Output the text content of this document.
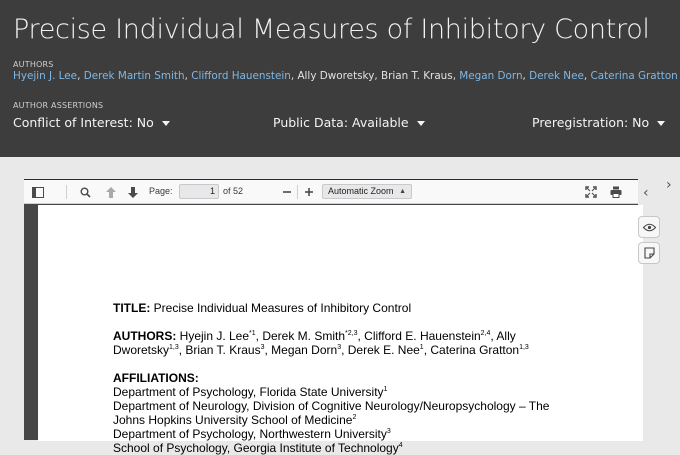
Precise Individual Measures of Inhibitory Control
AUTHORS
Hyejin J. Lee, Derek Martin Smith, Clifford Hauenstein, Ally Dworetsky, Brian T. Kraus, Megan Dorn, Derek Nee, Caterina Gratton
AUTHOR ASSERTIONS
Conflict of Interest: No	Public Data: Available	Preregistration: No
Page:	1 of 52	Automatic Zoom ▲

TITLE: Precise Individual Measures of Inhibitory Control
AUTHORS: Hyejin J. Lee$^{*1}$, Derek M. Smith$^{*2,3}$, Clifford E. Hauenstein$^{2,4}$, Ally Dworetsky$^{1,3}$, Brian T. Kraus$^3$, Megan Dorn$^3$, Derek E. Nee$^1$, Caterina Gratton$^{1,3}$
AFFILIATIONS:
Department of Psychology, Florida State University$^1$
Department of Neurology, Division of Cognitive Neurology/Neuropsychology – The Johns Hopkins University School of Medicine$^2$
Department of Psychology, Northwestern University$^3$
School of Psychology, Georgia Institute of Technology$^4$
‹ ›
